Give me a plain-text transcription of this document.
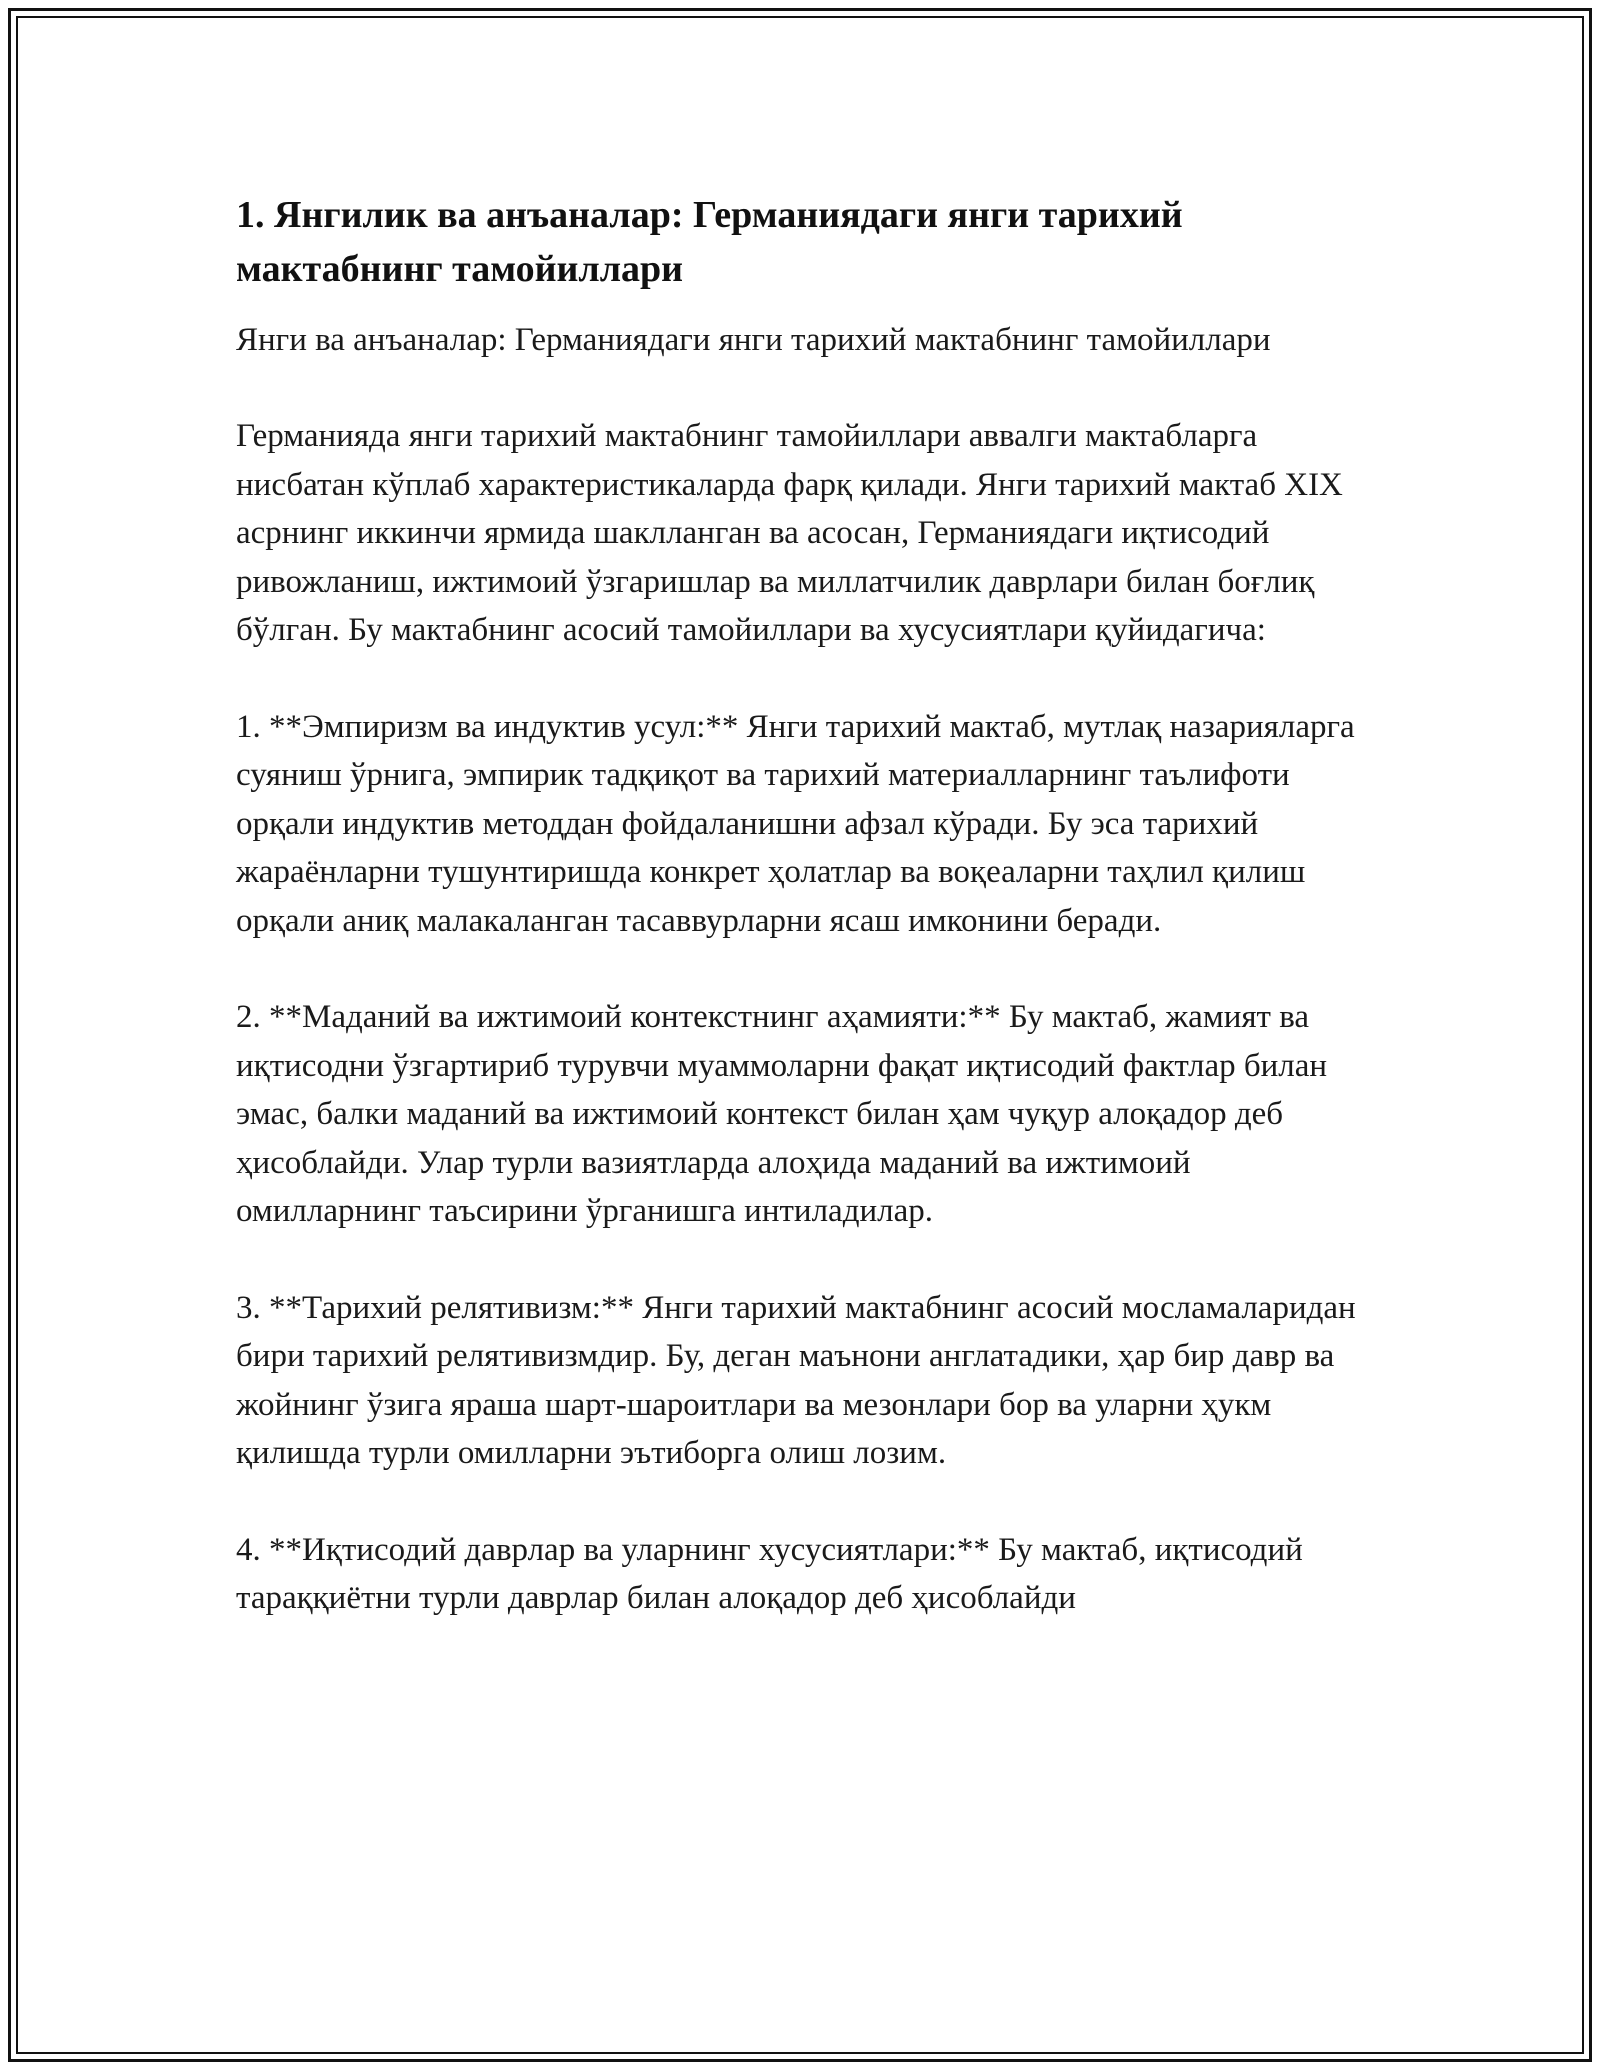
1. Янгилик ва анъаналар: Германиядаги янги тарихий мактабнинг тамойиллари

Янги ва анъаналар: Германиядаги янги тарихий мактабнинг тамойиллари

Германияда янги тарихий мактабнинг тамойиллари аввалги мактабларга нисбатан кўплаб характеристикаларда фарқ қилади. Янги тарихий мактаб XIX асрнинг иккинчи ярмида шаклланган ва асосан, Германиядаги иқтисодий ривожланиш, ижтимоий ўзгаришлар ва миллатчилик даврлари билан боғлиқ бўлган. Бу мактабнинг асосий тамойиллари ва хусусиятлари қуйидагича:

1. **Эмпиризм ва индуктив усул:** Янги тарихий мактаб, мутлақ назарияларга суяниш ўрнига, эмпирик тадқиқот ва тарихий материалларнинг таълифоти орқали индуктив методдан фойдаланишни афзал кўради. Бу эса тарихий жараёнларни тушунтиришда конкрет ҳолатлар ва воқеаларни таҳлил қилиш орқали аниқ малакаланган тасаввурларни ясаш имконини беради.

2. **Маданий ва ижтимоий контекстнинг аҳамияти:** Бу мактаб, жамият ва иқтисодни ўзгартириб турувчи муаммоларни фақат иқтисодий фактлар билан эмас, балки маданий ва ижтимоий контекст билан ҳам чуқур алоқадор деб ҳисоблайди. Улар турли вазиятларда алоҳида маданий ва ижтимоий омилларнинг таъсирини ўрганишга интиладилар.

3. **Тарихий релятивизм:** Янги тарихий мактабнинг асосий мосламаларидан бири тарихий релятивизмдир. Бу, деган маънони англатадики, ҳар бир давр ва жойнинг ўзига яраша шарт-шароитлари ва мезонлари бор ва уларни ҳукм қилишда турли омилларни эътиборга олиш лозим.

4. **Иқтисодий даврлар ва уларнинг хусусиятлари:** Бу мактаб, иқтисодий тараққиётни турли даврлар билан алоқадор деб ҳисоблайди
